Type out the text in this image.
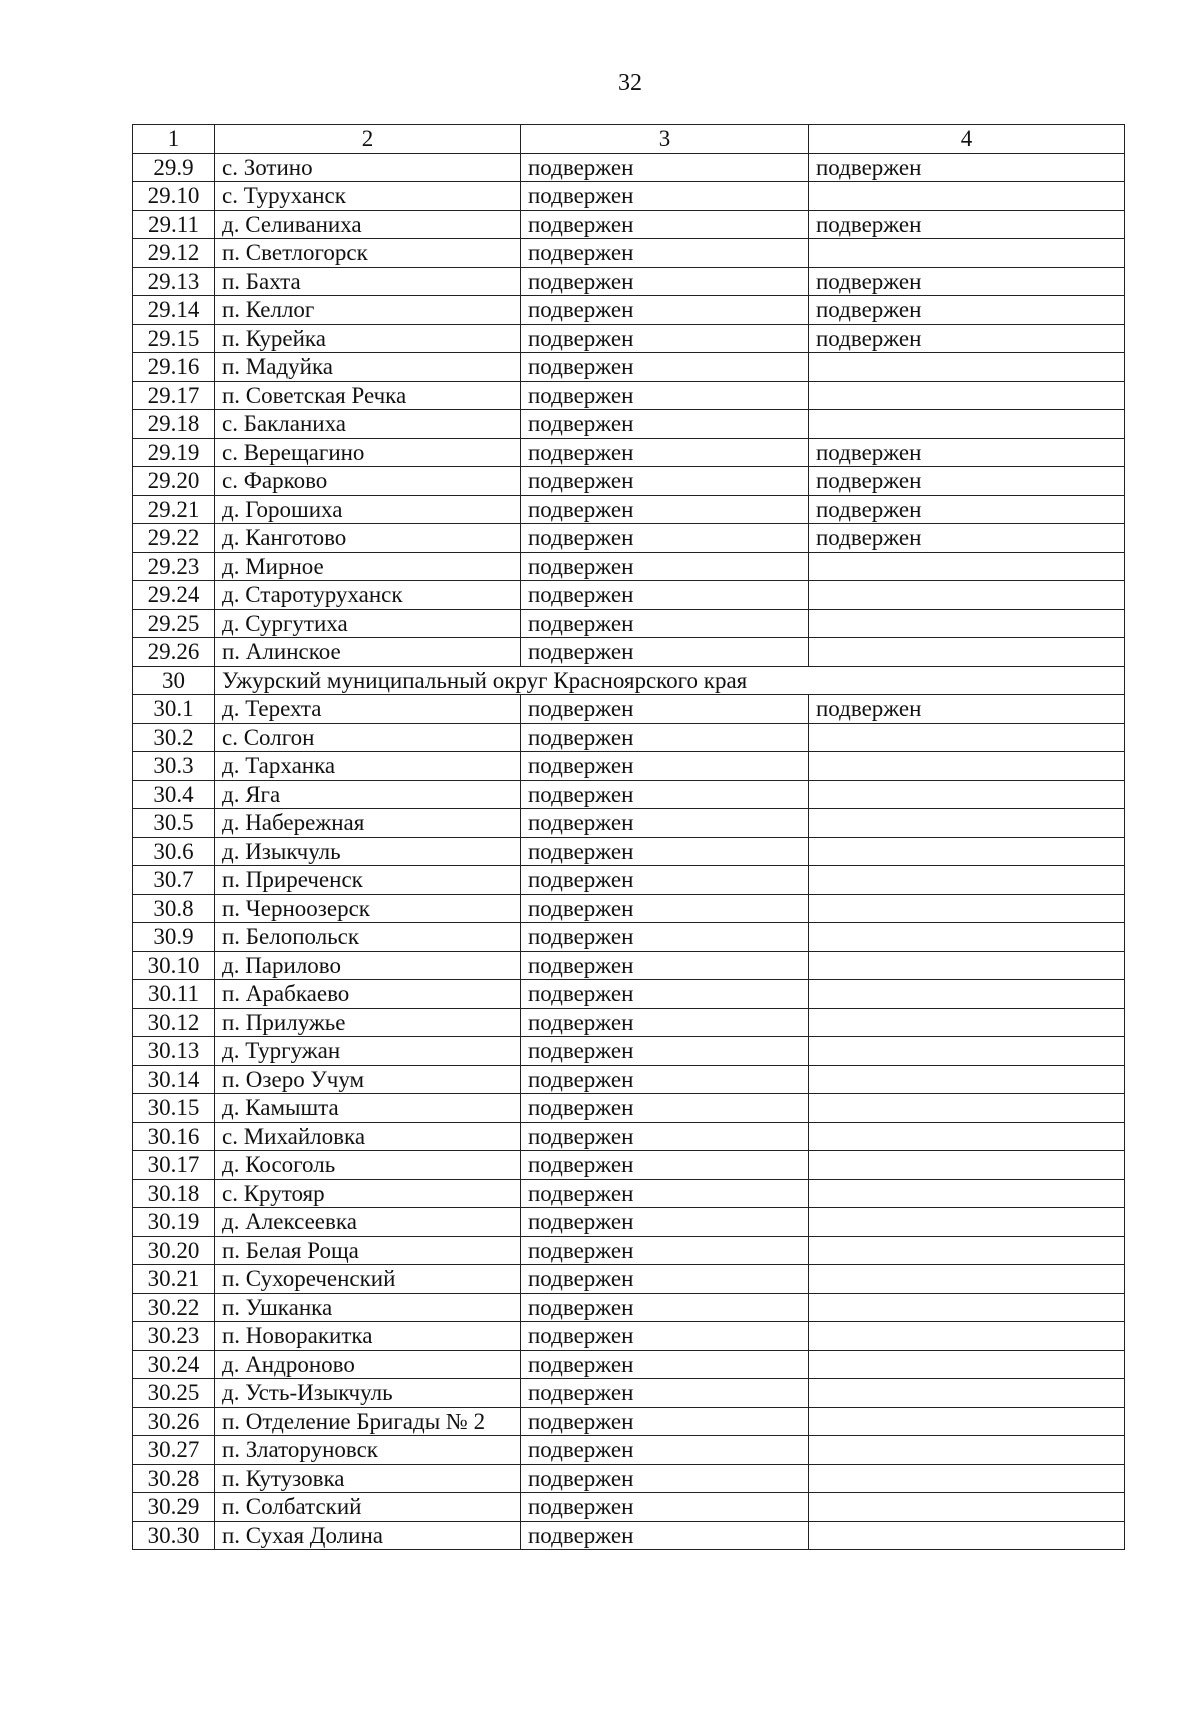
32
1	2	3	4
29.9	с. Зотино	подвержен	подвержен
29.10	с. Туруханск	подвержен	
29.11	д. Селиваниха	подвержен	подвержен
29.12	п. Светлогорск	подвержен	
29.13	п. Бахта	подвержен	подвержен
29.14	п. Келлог	подвержен	подвержен
29.15	п. Курейка	подвержен	подвержен
29.16	п. Мадуйка	подвержен	
29.17	п. Советская Речка	подвержен	
29.18	с. Бакланиха	подвержен	
29.19	с. Верещагино	подвержен	подвержен
29.20	с. Фарково	подвержен	подвержен
29.21	д. Горошиха	подвержен	подвержен
29.22	д. Канготово	подвержен	подвержен
29.23	д. Мирное	подвержен	
29.24	д. Старотуруханск	подвержен	
29.25	д. Сургутиха	подвержен	
29.26	п. Алинское	подвержен	
30	Ужурский муниципальный округ Красноярского края		
30.1	д. Терехта	подвержен	подвержен
30.2	с. Солгон	подвержен	
30.3	д. Тарханка	подвержен	
30.4	д. Яга	подвержен	
30.5	д. Набережная	подвержен	
30.6	д. Изыкчуль	подвержен	
30.7	п. Приреченск	подвержен	
30.8	п. Черноозерск	подвержен	
30.9	п. Белопольск	подвержен	
30.10	д. Парилово	подвержен	
30.11	п. Арабкаево	подвержен	
30.12	п. Прилужье	подвержен	
30.13	д. Тургужан	подвержен	
30.14	п. Озеро Учум	подвержен	
30.15	д. Камышта	подвержен	
30.16	с. Михайловка	подвержен	
30.17	д. Косоголь	подвержен	
30.18	с. Крутояр	подвержен	
30.19	д. Алексеевка	подвержен	
30.20	п. Белая Роща	подвержен	
30.21	п. Сухореченский	подвержен	
30.22	п. Ушканка	подвержен	
30.23	п. Новоракитка	подвержен	
30.24	д. Андроново	подвержен	
30.25	д. Усть-Изыкчуль	подвержен	
30.26	п. Отделение Бригады № 2	подвержен	
30.27	п. Златоруновск	подвержен	
30.28	п. Кутузовка	подвержен	
30.29	п. Солбатский	подвержен	
30.30	п. Сухая Долина	подвержен	
